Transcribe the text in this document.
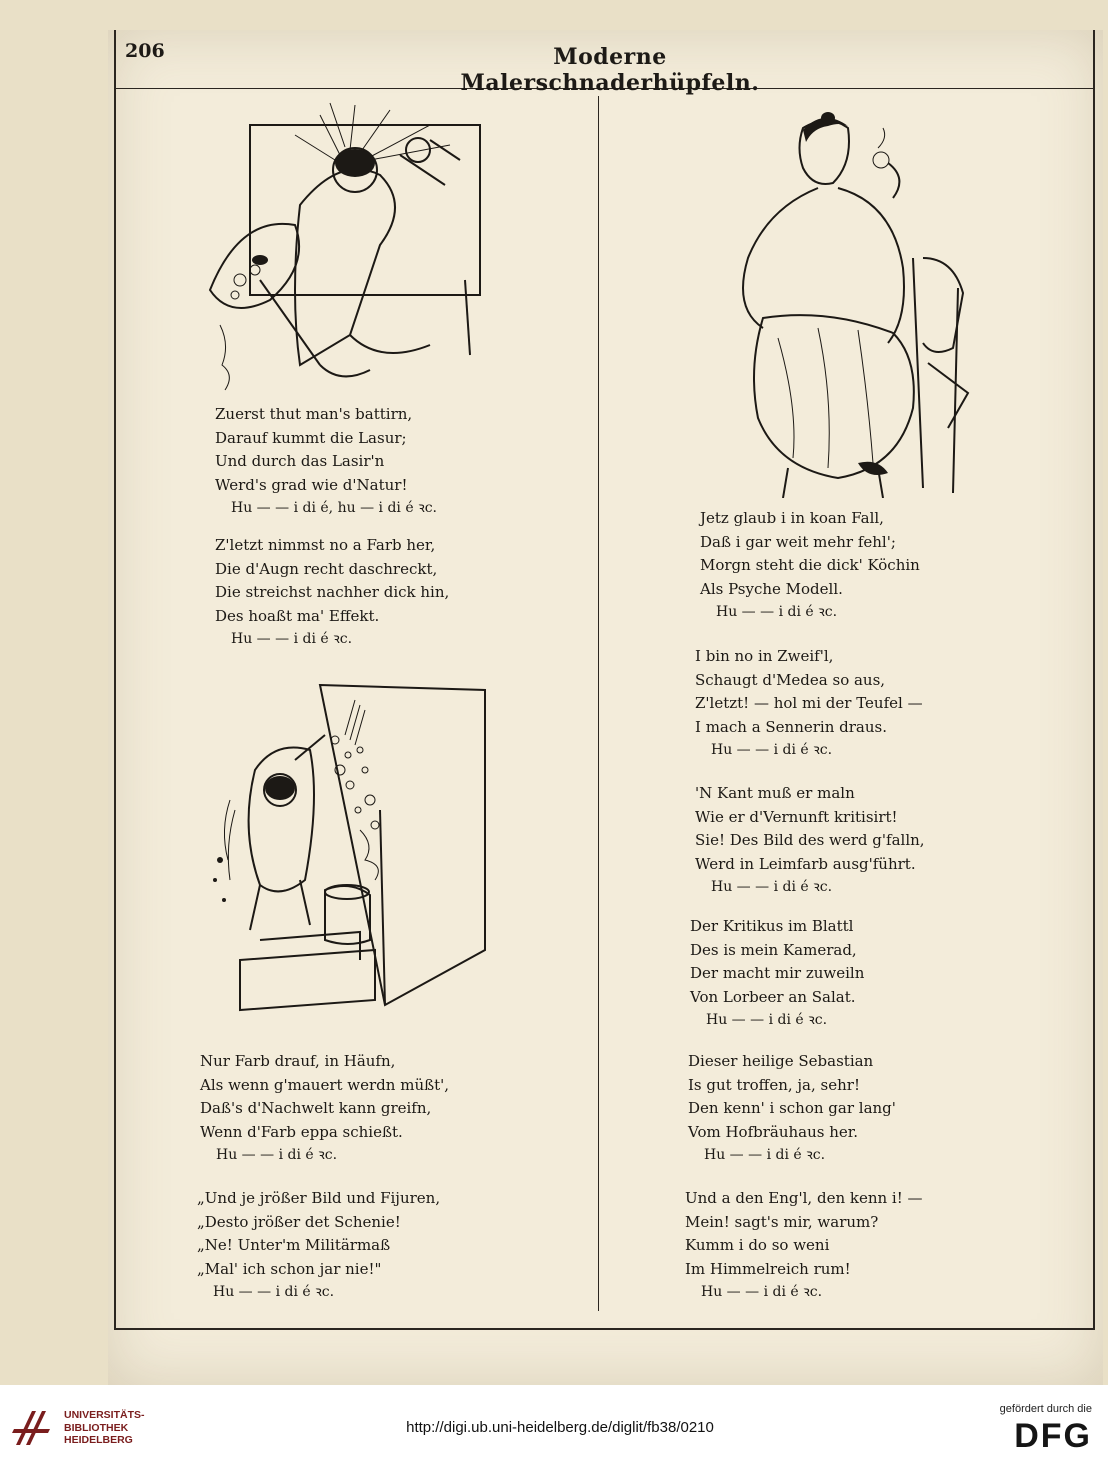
206	Moderne Malerschnaderhüpfeln.
Zuerst thut man's battirn,
Darauf kummt die Lasur;
Und durch das Lasir'n
Werd's grad wie d'Natur!
Hu — — i di é, hu — i di é ꝛc.
Z'letzt nimmst no a Farb her,
Die d'Augn recht daschreckt,
Die streichst nachher dick hin,
Des hoaßt ma' Effekt.
Hu — — i di é ꝛc.
Nur Farb drauf, in Häufn,
Als wenn g'mauert werdn müßt',
Daß's d'Nachwelt kann greifn,
Wenn d'Farb eppa schießt.
Hu — — i di é ꝛc.
„Und je jrößer Bild und Fijuren,
„Desto jrößer det Schenie!
„Ne! Unter'm Militärmaß
„Mal' ich schon jar nie!"
Hu — — i di é ꝛc.
Jetz glaub i in koan Fall,
Daß i gar weit mehr fehl';
Morgn steht die dick' Köchin
Als Psyche Modell.
Hu — — i di é ꝛc.
I bin no in Zweif'l,
Schaugt d'Medea so aus,
Z'letzt! — hol mi der Teufel —
I mach a Sennerin draus.
Hu — — i di é ꝛc.
'N Kant muß er maln
Wie er d'Vernunft kritisirt!
Sie! Des Bild des werd g'falln,
Werd in Leimfarb ausg'führt.
Hu — — i di é ꝛc.
Der Kritikus im Blattl
Des is mein Kamerad,
Der macht mir zuweiln
Von Lorbeer an Salat.
Hu — — i di é ꝛc.
Dieser heilige Sebastian
Is gut troffen, ja, sehr!
Den kenn' i schon gar lang'
Vom Hofbräuhaus her.
Hu — — i di é ꝛc.
Und a den Eng'l, den kenn i! —
Mein! sagt's mir, warum?
Kumm i do so weni
Im Himmelreich rum!
Hu — — i di é ꝛc.
UNIVERSITÄTS-
BIBLIOTHEK
HEIDELBERG
http://digi.ub.uni-heidelberg.de/diglit/fb38/0210
gefördert durch die
DFG
